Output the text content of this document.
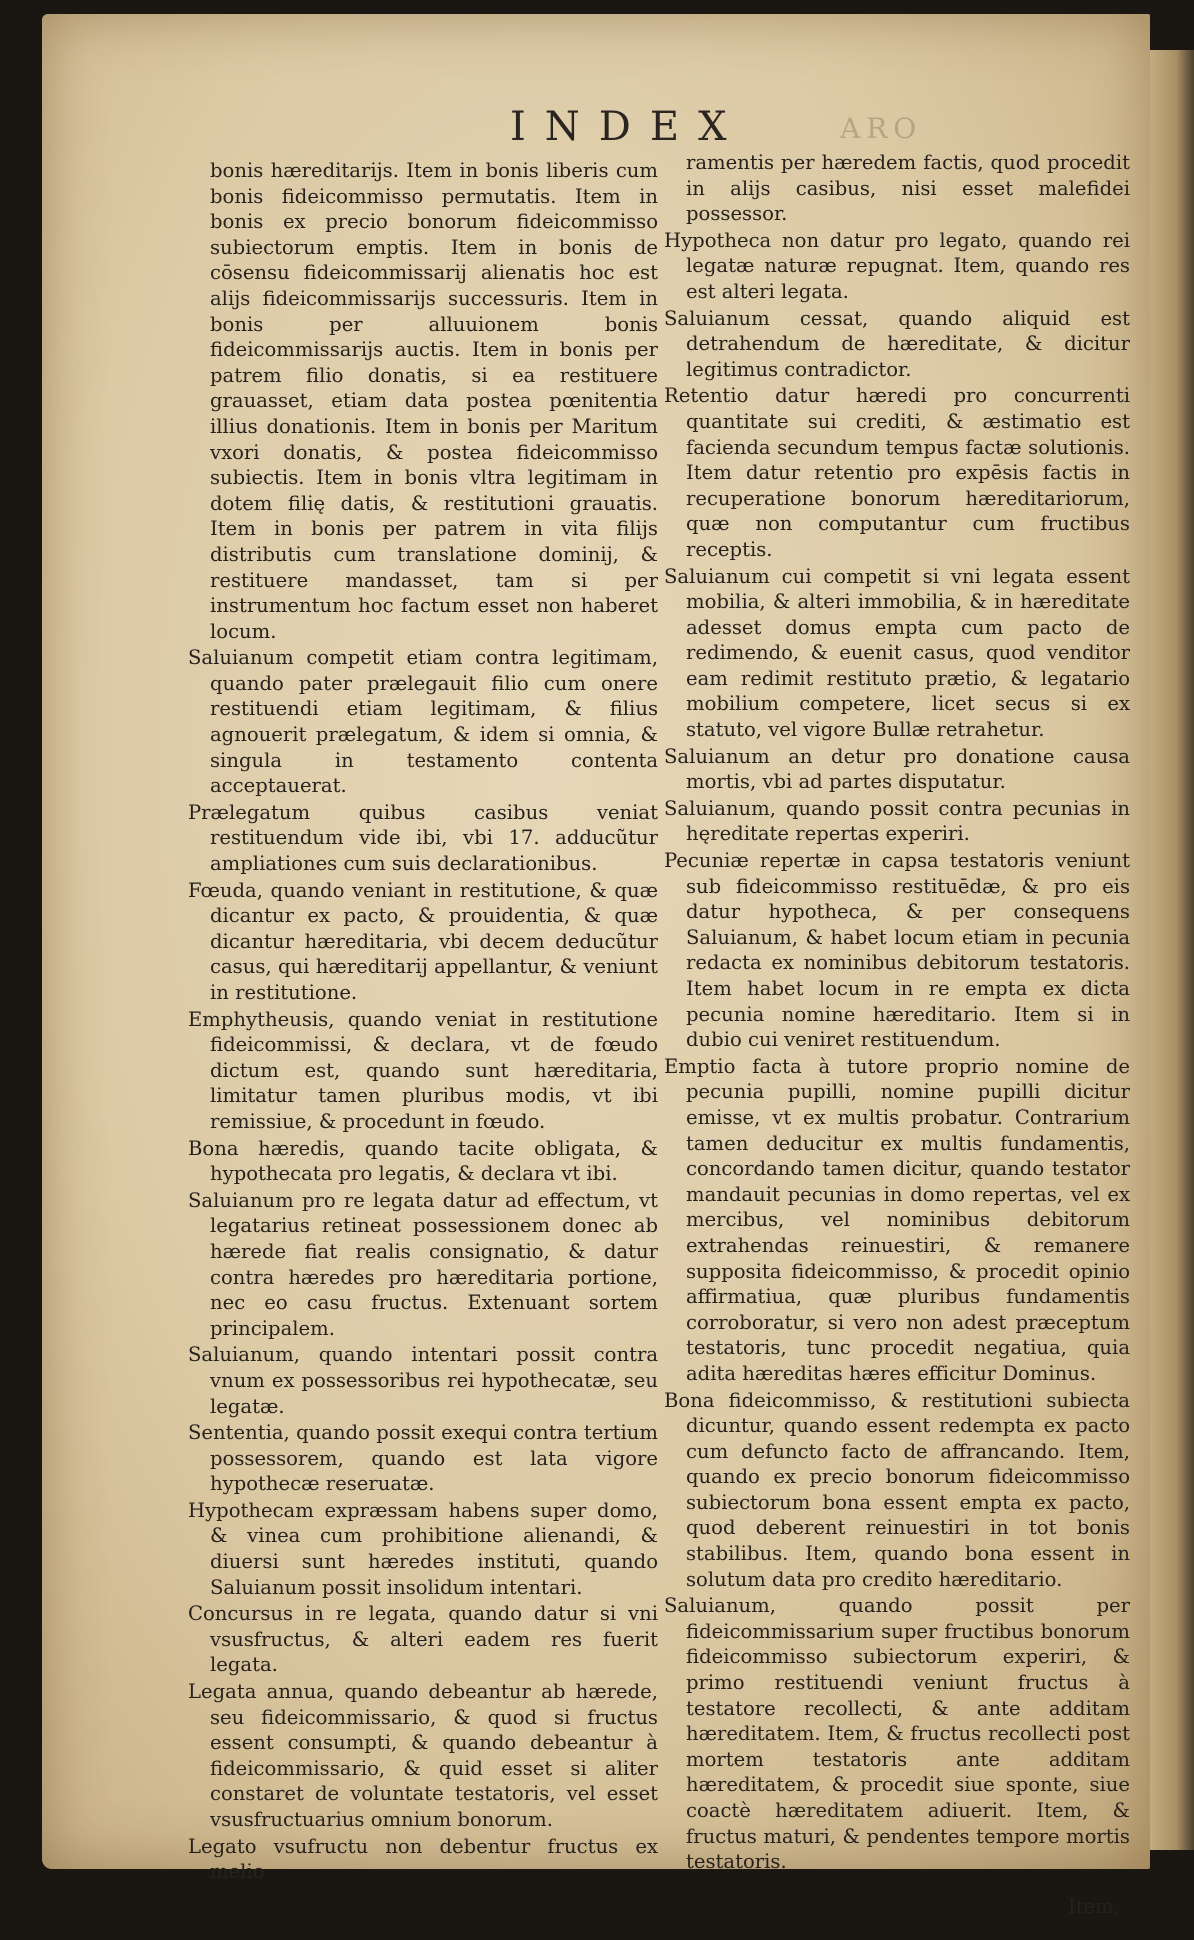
INDEX	ARO

bonis hæreditarijs. Item in bonis liberis cum bonis fideicommisso permutatis. Item in bonis ex precio bonorum fideicommisso subiectorum emptis. Item in bonis de cōsensu fideicommissarij alienatis hoc est alijs fideicommissarijs successuris. Item in bonis per alluuionem bonis fideicommissarijs auctis. Item in bonis per patrem filio donatis, si ea restituere grauasset, etiam data postea pœnitentia illius donationis. Item in bonis per Maritum vxori donatis, & postea fideicommisso subiectis. Item in bonis vltra legitimam in dotem filię datis, & restitutioni grauatis. Item in bonis per patrem in vita filijs distributis cum translatione dominij, & restituere mandasset, tam si per instrumentum hoc factum esset non haberet locum.

Saluianum competit etiam contra legitimam, quando pater prælegauit filio cum onere restituendi etiam legitimam, & filius agnouerit prælegatum, & idem si omnia, & singula in testamento contenta acceptauerat.

Prælegatum quibus casibus veniat restituendum vide ibi, vbi 17. adducũtur ampliationes cum suis declarationibus.

Fœuda, quando veniant in restitutione, & quæ dicantur ex pacto, & prouidentia, & quæ dicantur hæreditaria, vbi decem deducũtur casus, qui hæreditarij appellantur, & veniunt in restitutione.

Emphytheusis, quando veniat in restitutione fideicommissi, & declara, vt de fœudo dictum est, quando sunt hæreditaria, limitatur tamen pluribus modis, vt ibi remissiue, & procedunt in fœudo.

Bona hæredis, quando tacite obligata, & hypothecata pro legatis, & declara vt ibi.

Saluianum pro re legata datur ad effectum, vt legatarius retineat possessionem donec ab hærede fiat realis consignatio, & datur contra hæredes pro hæreditaria portione, nec eo casu fructus. Extenuant sortem principalem.

Saluianum, quando intentari possit contra vnum ex possessoribus rei hypothecatæ, seu legatæ.

Sententia, quando possit exequi contra tertium possessorem, quando est lata vigore hypothecæ reseruatæ.

Hypothecam expræssam habens super domo, & vinea cum prohibitione alienandi, & diuersi sunt hæredes instituti, quando Saluianum possit insolidum intentari.

Concursus in re legata, quando datur si vni vsusfructus, & alteri eadem res fuerit legata.

Legata annua, quando debeantur ab hærede, seu fideicommissario, & quod si fructus essent consumpti, & quando debeantur à fideicommissario, & quid esset si aliter constaret de voluntate testatoris, vel esset vsusfructuarius omnium bonorum.

Legato vsufructu non debentur fructus ex melio

ramentis per hæredem factis, quod procedit in alijs casibus, nisi esset malefidei possessor.

Hypotheca non datur pro legato, quando rei legatæ naturæ repugnat. Item, quando res est alteri legata.

Saluianum cessat, quando aliquid est detrahendum de hæreditate, & dicitur legitimus contradictor.

Retentio datur hæredi pro concurrenti quantitate sui crediti, & æstimatio est facienda secundum tempus factæ solutionis. Item datur retentio pro expēsis factis in recuperatione bonorum hæreditariorum, quæ non computantur cum fructibus receptis.

Saluianum cui competit si vni legata essent mobilia, & alteri immobilia, & in hæreditate adesset domus empta cum pacto de redimendo, & euenit casus, quod venditor eam redimit restituto prætio, & legatario mobilium competere, licet secus si ex statuto, vel vigore Bullæ retrahetur.

Saluianum an detur pro donatione causa mortis, vbi ad partes disputatur.

Saluianum, quando possit contra pecunias in hęreditate repertas experiri.

Pecuniæ repertæ in capsa testatoris veniunt sub fideicommisso restituēdæ, & pro eis datur hypotheca, & per consequens Saluianum, & habet locum etiam in pecunia redacta ex nominibus debitorum testatoris. Item habet locum in re empta ex dicta pecunia nomine hæreditario. Item si in dubio cui veniret restituendum.

Emptio facta à tutore proprio nomine de pecunia pupilli, nomine pupilli dicitur emisse, vt ex multis probatur. Contrarium tamen deducitur ex multis fundamentis, concordando tamen dicitur, quando testator mandauit pecunias in domo repertas, vel ex mercibus, vel nominibus debitorum extrahendas reinuestiri, & remanere supposita fideicommisso, & procedit opinio affirmatiua, quæ pluribus fundamentis corroboratur, si vero non adest præceptum testatoris, tunc procedit negatiua, quia adita hæreditas hæres efficitur Dominus.

Bona fideicommisso, & restitutioni subiecta dicuntur, quando essent redempta ex pacto cum defuncto facto de affrancando. Item, quando ex precio bonorum fideicommisso subiectorum bona essent empta ex pacto, quod deberent reinuestiri in tot bonis stabilibus. Item, quando bona essent in solutum data pro credito hæreditario.

Saluianum, quando possit per fideicommissarium super fructibus bonorum fideicommisso subiectorum experiri, & primo restituendi veniunt fructus à testatore recollecti, & ante additam hæreditatem. Item, & fructus recollecti post mortem testatoris ante additam hæreditatem, & procedit siue sponte, siue coactè hæreditatem adiuerit. Item, & fructus maturi, & pendentes tempore mortis testatoris.

Item,
